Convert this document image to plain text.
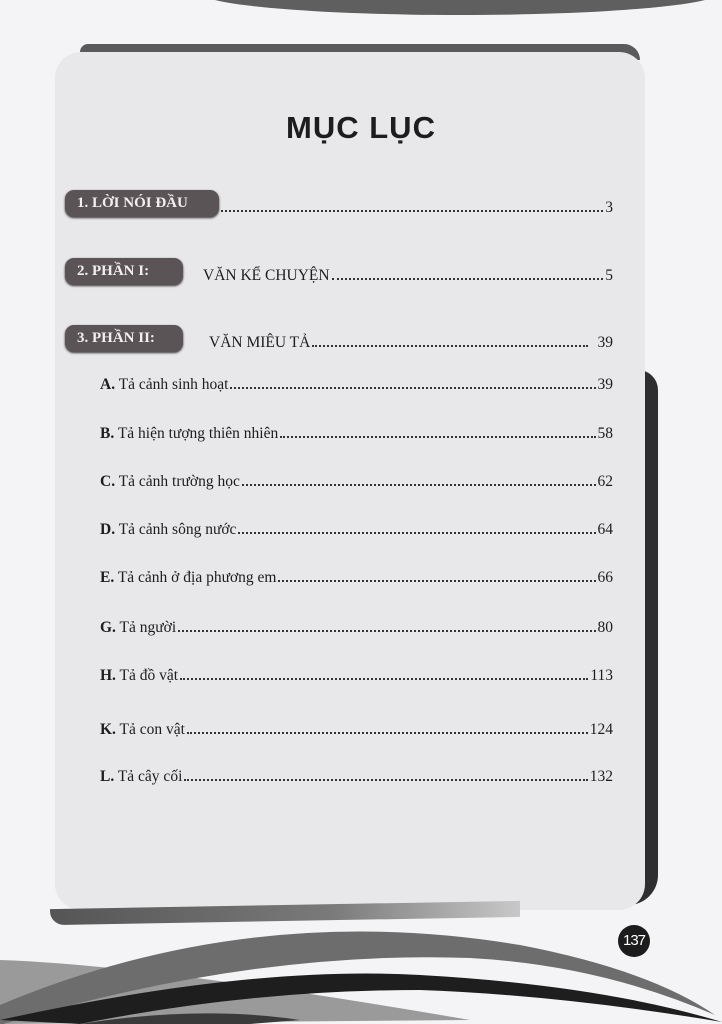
MỤC LỤC
1. LỜI NÓI ĐẦU	3
2. PHẦN I:	VĂN KỂ CHUYỆN	5
3. PHẦN II:	VĂN MIÊU TẢ	39
A. Tả cảnh sinh hoạt	39
B. Tả hiện tượng thiên nhiên	58
C. Tả cảnh trường học	62
D. Tả cảnh sông nước	64
E. Tả cảnh ở địa phương em	66
G. Tả người	80
H. Tả đồ vật	113
K. Tả con vật	124
L. Tả cây cối	132
137
